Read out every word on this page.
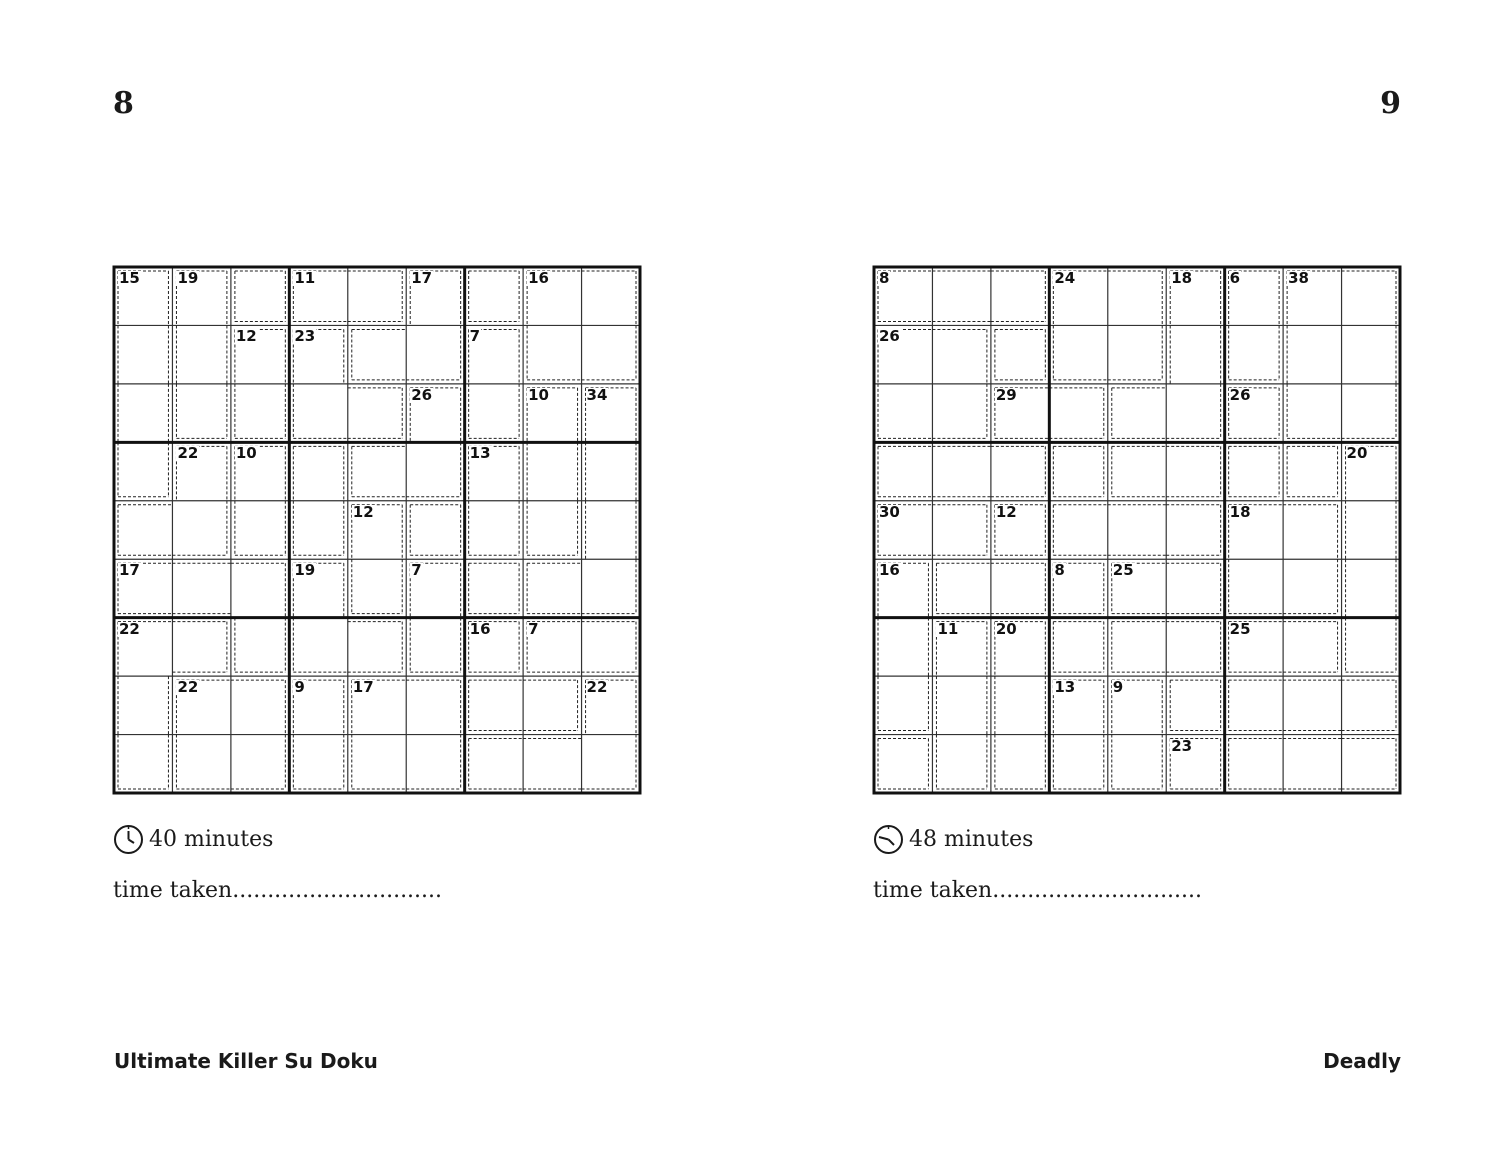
8	9
15	19	11	17	16
12	23	7
26	10	34
22	10	13
12
17	19	7
22	16	7
22	9	17	22
8	24	18	6	38
26
29	26
20
30	12	18
16	8	25
11	20	25
13	9
23
40 minutes	48 minutes
time taken..............................	time taken..............................
Ultimate Killer Su Doku	Deadly
